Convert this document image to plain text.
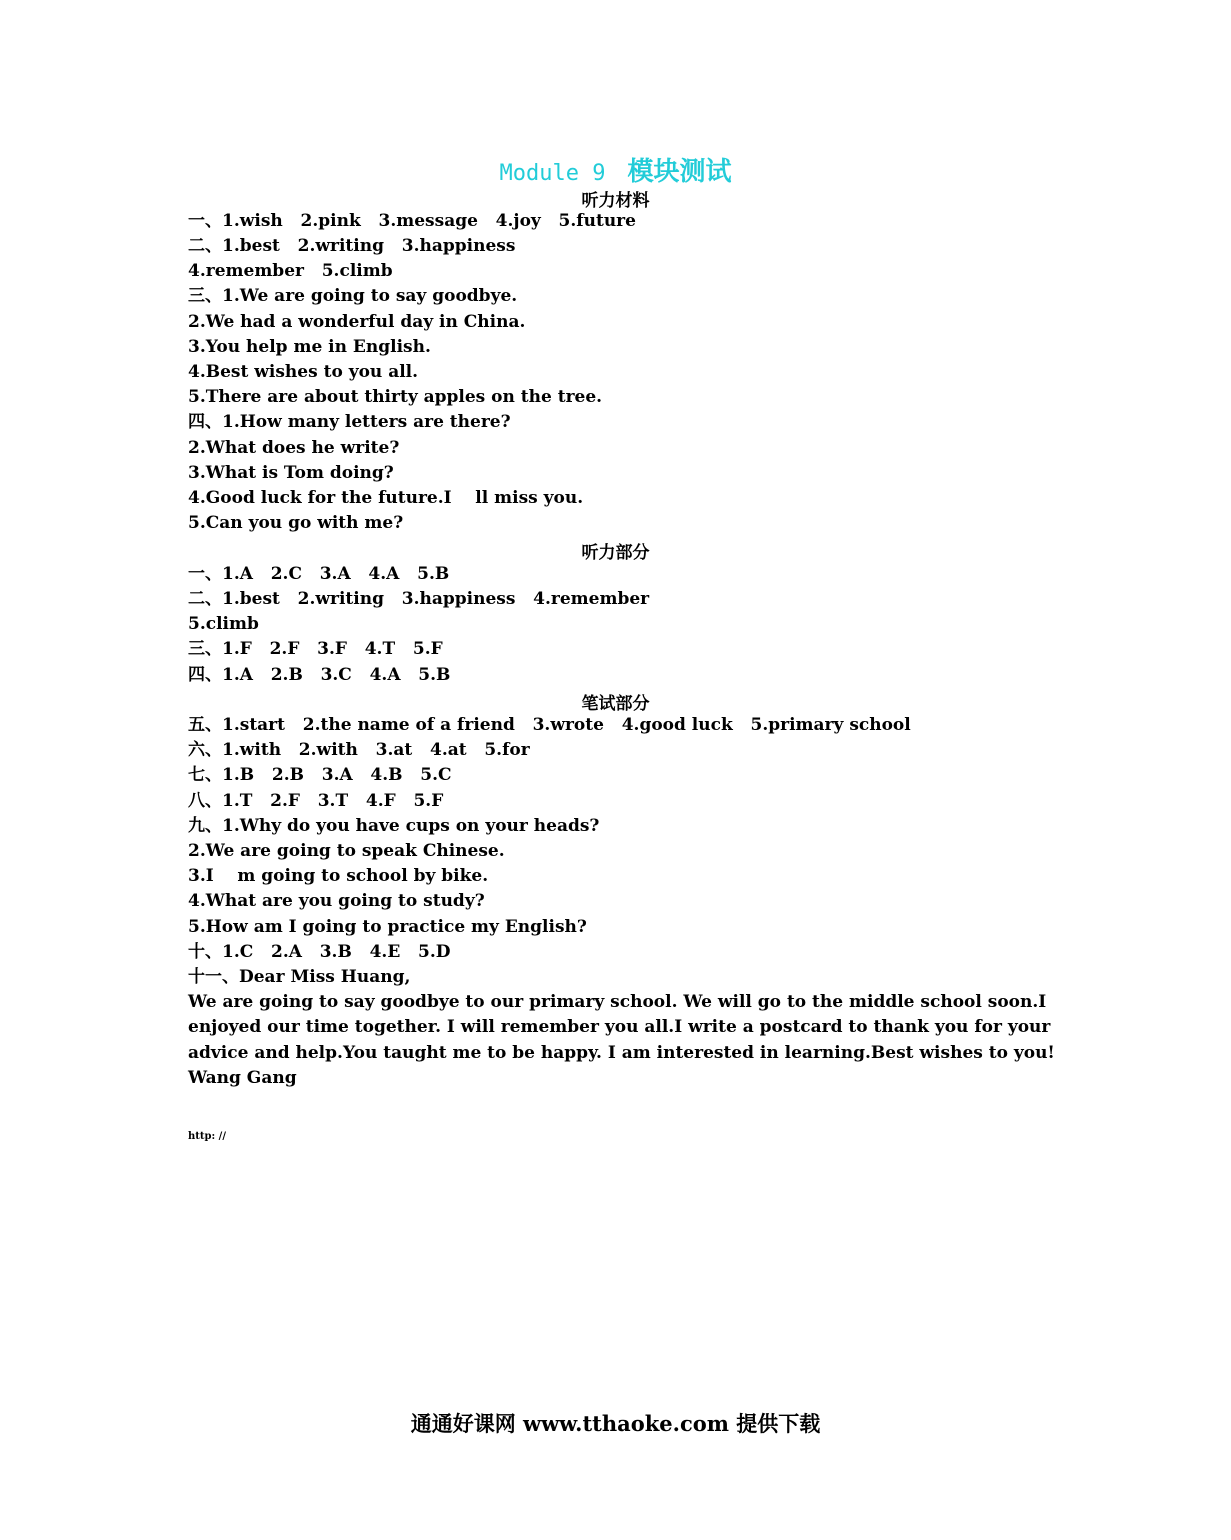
Module 9 模块测试
听力材料
听力部分
笔试部分
一、1.wish   2.pink   3.message   4.joy   5.future
二、1.best   2.writing   3.happiness
4.remember   5.climb
三、1.We are going to say goodbye.
2.We had a wonderful day in China.
3.You help me in English.
4.Best wishes to you all.
5.There are about thirty apples on the tree.
四、1.How many letters are there?
2.What does he write?
3.What is Tom doing?
4.Good luck for the future.I    ll miss you.
5.Can you go with me?
一、1.A   2.C   3.A   4.A   5.B
二、1.best   2.writing   3.happiness   4.remember
5.climb
三、1.F   2.F   3.F   4.T   5.F
四、1.A   2.B   3.C   4.A   5.B
五、1.start   2.the name of a friend   3.wrote   4.good luck   5.primary school
六、1.with   2.with   3.at   4.at   5.for
七、1.B   2.B   3.A   4.B   5.C
八、1.T   2.F   3.T   4.F   5.F
九、1.Why do you have cups on your heads?
2.We are going to speak Chinese.
3.I    m going to school by bike.
4.What are you going to study?
5.How am I going to practice my English?
十、1.C   2.A   3.B   4.E   5.D
十一、Dear Miss Huang,
We are going to say goodbye to our primary school. We will go to the middle school soon.I
enjoyed our time together. I will remember you all.I write a postcard to thank you for your
advice and help.You taught me to be happy. I am interested in learning.Best wishes to you!
Wang Gang
http: //
通通好课网 www.tthaoke.com 提供下载
